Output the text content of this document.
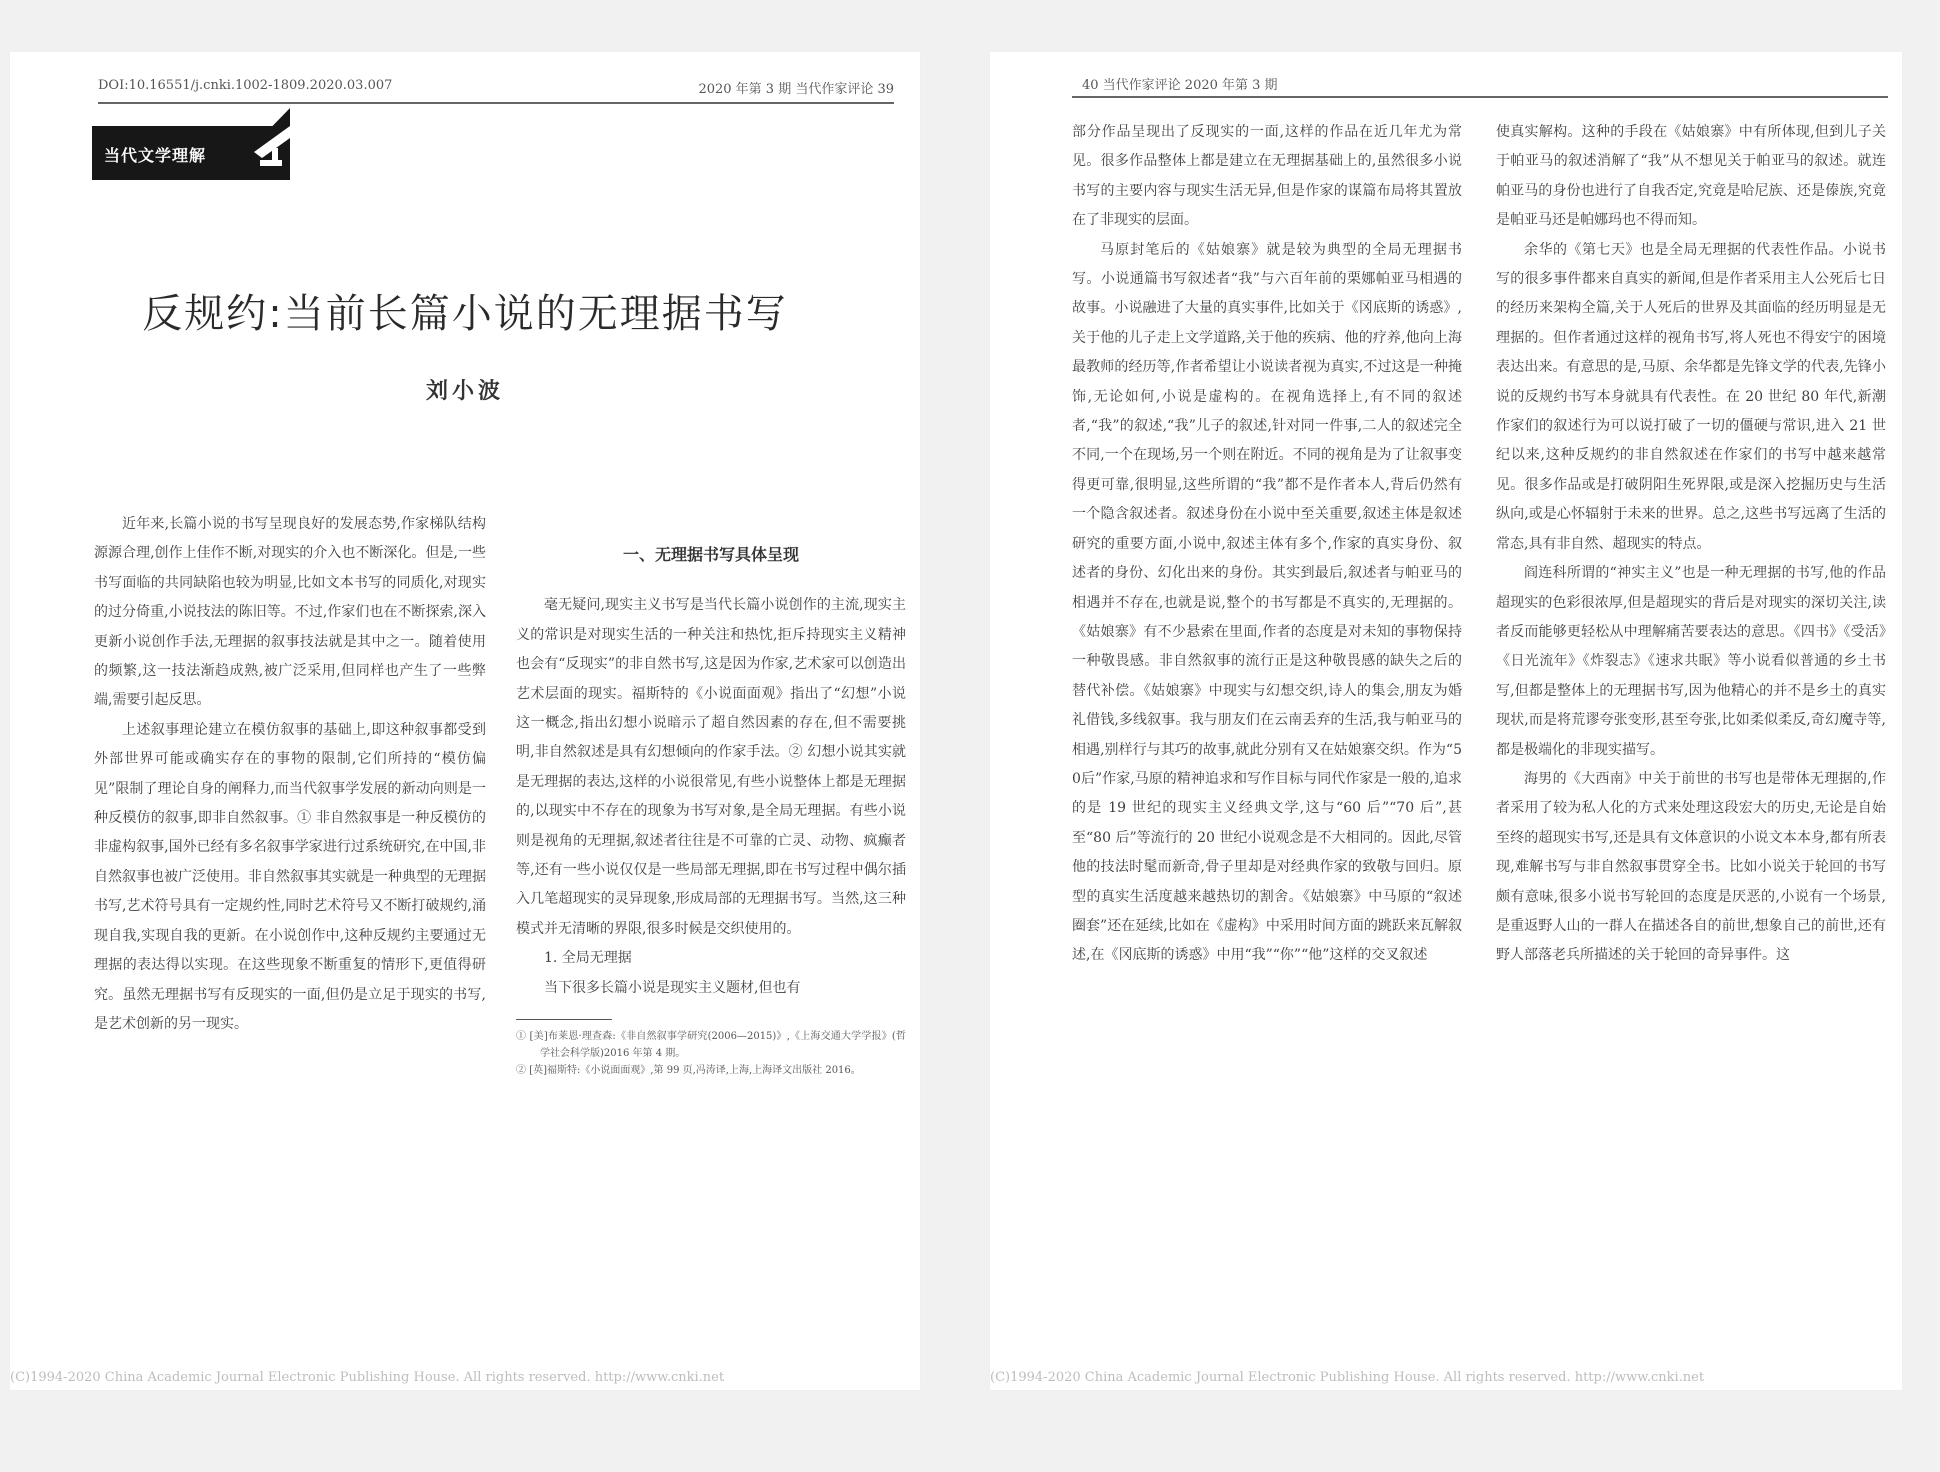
DOI:10.16551/j.cnki.1002-1809.2020.03.007	2020 年第 3 期 当代作家评论 39
当代文学理解
反规约:当前长篇小说的无理据书写
刘小波

近年来,长篇小说的书写呈现良好的发展态势,作家梯队结构源源合理,创作上佳作不断,对现实的介入也不断深化。但是,一些书写面临的共同缺陷也较为明显,比如文本书写的同质化,对现实的过分倚重,小说技法的陈旧等。不过,作家们也在不断探索,深入更新小说创作手法,无理据的叙事技法就是其中之一。随着使用的频繁,这一技法渐趋成熟,被广泛采用,但同样也产生了一些弊端,需要引起反思。

上述叙事理论建立在模仿叙事的基础上,即这种叙事都受到外部世界可能或确实存在的事物的限制,它们所持的“模仿偏见”限制了理论自身的阐释力,而当代叙事学发展的新动向则是一种反模仿的叙事,即非自然叙事。① 非自然叙事是一种反模仿的非虚构叙事,国外已经有多名叙事学家进行过系统研究,在中国,非自然叙事也被广泛使用。非自然叙事其实就是一种典型的无理据书写,艺术符号具有一定规约性,同时艺术符号又不断打破规约,涌现自我,实现自我的更新。在小说创作中,这种反规约主要通过无理据的表达得以实现。在这些现象不断重复的情形下,更值得研究。虽然无理据书写有反现实的一面,但仍是立足于现实的书写,是艺术创新的另一现实。

一、无理据书写具体呈现

毫无疑问,现实主义书写是当代长篇小说创作的主流,现实主义的常识是对现实生活的一种关注和热忱,拒斥持现实主义精神也会有“反现实”的非自然书写,这是因为作家,艺术家可以创造出艺术层面的现实。福斯特的《小说面面观》指出了“幻想”小说这一概念,指出幻想小说暗示了超自然因素的存在,但不需要挑明,非自然叙述是具有幻想倾向的作家手法。② 幻想小说其实就是无理据的表达,这样的小说很常见,有些小说整体上都是无理据的,以现实中不存在的现象为书写对象,是全局无理据。有些小说则是视角的无理据,叙述者往往是不可靠的亡灵、动物、疯癫者等,还有一些小说仅仅是一些局部无理据,即在书写过程中偶尔插入几笔超现实的灵异现象,形成局部的无理据书写。当然,这三种模式并无清晰的界限,很多时候是交织使用的。

1. 全局无理据

当下很多长篇小说是现实主义题材,但也有

① [美]布莱恩·理查森:《非自然叙事学研究(2006—2015)》,《上海交通大学学报》(哲学社会科学版)2016 年第 4 期。
② [英]福斯特:《小说面面观》,第 99 页,冯涛译,上海,上海译文出版社 2016。
(C)1994-2020 China Academic Journal Electronic Publishing House. All rights reserved. http://www.cnki.net
40 当代作家评论 2020 年第 3 期

部分作品呈现出了反现实的一面,这样的作品在近几年尤为常见。很多作品整体上都是建立在无理据基础上的,虽然很多小说书写的主要内容与现实生活无异,但是作家的谋篇布局将其置放在了非现实的层面。

马原封笔后的《姑娘寨》就是较为典型的全局无理据书写。小说通篇书写叙述者“我”与六百年前的栗娜帕亚马相遇的故事。小说融进了大量的真实事件,比如关于《冈底斯的诱惑》,关于他的儿子走上文学道路,关于他的疾病、他的疗养,他向上海最教师的经历等,作者希望让小说读者视为真实,不过这是一种掩饰,无论如何,小说是虚构的。在视角选择上,有不同的叙述者,“我”的叙述,“我”儿子的叙述,针对同一件事,二人的叙述完全不同,一个在现场,另一个则在附近。不同的视角是为了让叙事变得更可靠,很明显,这些所谓的“我”都不是作者本人,背后仍然有一个隐含叙述者。叙述身份在小说中至关重要,叙述主体是叙述研究的重要方面,小说中,叙述主体有多个,作家的真实身份、叙述者的身份、幻化出来的身份。其实到最后,叙述者与帕亚马的相遇并不存在,也就是说,整个的书写都是不真实的,无理据的。《姑娘寨》有不少悬索在里面,作者的态度是对未知的事物保持一种敬畏感。非自然叙事的流行正是这种敬畏感的缺失之后的替代补偿。《姑娘寨》中现实与幻想交织,诗人的集会,朋友为婚礼借钱,多线叙事。我与朋友们在云南丢弃的生活,我与帕亚马的相遇,别样行与其巧的故事,就此分别有又在姑娘寨交织。作为“50后”作家,马原的精神追求和写作目标与同代作家是一般的,追求的是 19 世纪的现实主义经典文学,这与“60 后”“70 后”,甚至“80 后”等流行的 20 世纪小说观念是不大相同的。因此,尽管他的技法时髦而新奇,骨子里却是对经典作家的致敬与回归。原型的真实生活度越来越热切的割舍。《姑娘寨》中马原的“叙述圈套”还在延续,比如在《虚构》中采用时间方面的跳跃来瓦解叙述,在《冈底斯的诱惑》中用“我”“你”“他”这样的交叉叙述

使真实解构。这种的手段在《姑娘寨》中有所体现,但到儿子关于帕亚马的叙述消解了“我”从不想见关于帕亚马的叙述。就连帕亚马的身份也进行了自我否定,究竟是哈尼族、还是傣族,究竟是帕亚马还是帕娜玛也不得而知。

余华的《第七天》也是全局无理据的代表性作品。小说书写的很多事件都来自真实的新闻,但是作者采用主人公死后七日的经历来架构全篇,关于人死后的世界及其面临的经历明显是无理据的。但作者通过这样的视角书写,将人死也不得安宁的困境表达出来。有意思的是,马原、余华都是先锋文学的代表,先锋小说的反规约书写本身就具有代表性。在 20 世纪 80 年代,新潮作家们的叙述行为可以说打破了一切的僵硬与常识,进入 21 世纪以来,这种反规约的非自然叙述在作家们的书写中越来越常见。很多作品或是打破阴阳生死界限,或是深入挖掘历史与生活纵向,或是心怀辐射于未来的世界。总之,这些书写远离了生活的常态,具有非自然、超现实的特点。

阎连科所谓的“神实主义”也是一种无理据的书写,他的作品超现实的色彩很浓厚,但是超现实的背后是对现实的深切关注,读者反而能够更轻松从中理解痛苦要表达的意思。《四书》《受活》《日光流年》《炸裂志》《速求共眠》等小说看似普通的乡土书写,但都是整体上的无理据书写,因为他精心的并不是乡土的真实现状,而是将荒谬夸张变形,甚至夸张,比如柔似柔反,奇幻魔寺等,都是极端化的非现实描写。

海男的《大西南》中关于前世的书写也是带体无理据的,作者采用了较为私人化的方式来处理这段宏大的历史,无论是自始至终的超现实书写,还是具有文体意识的小说文本本身,都有所表现,难解书写与非自然叙事贯穿全书。比如小说关于轮回的书写颇有意味,很多小说书写轮回的态度是厌恶的,小说有一个场景,是重返野人山的一群人在描述各自的前世,想象自己的前世,还有野人部落老兵所描述的关于轮回的奇异事件。这

(C)1994-2020 China Academic Journal Electronic Publishing House. All rights reserved. http://www.cnki.net
